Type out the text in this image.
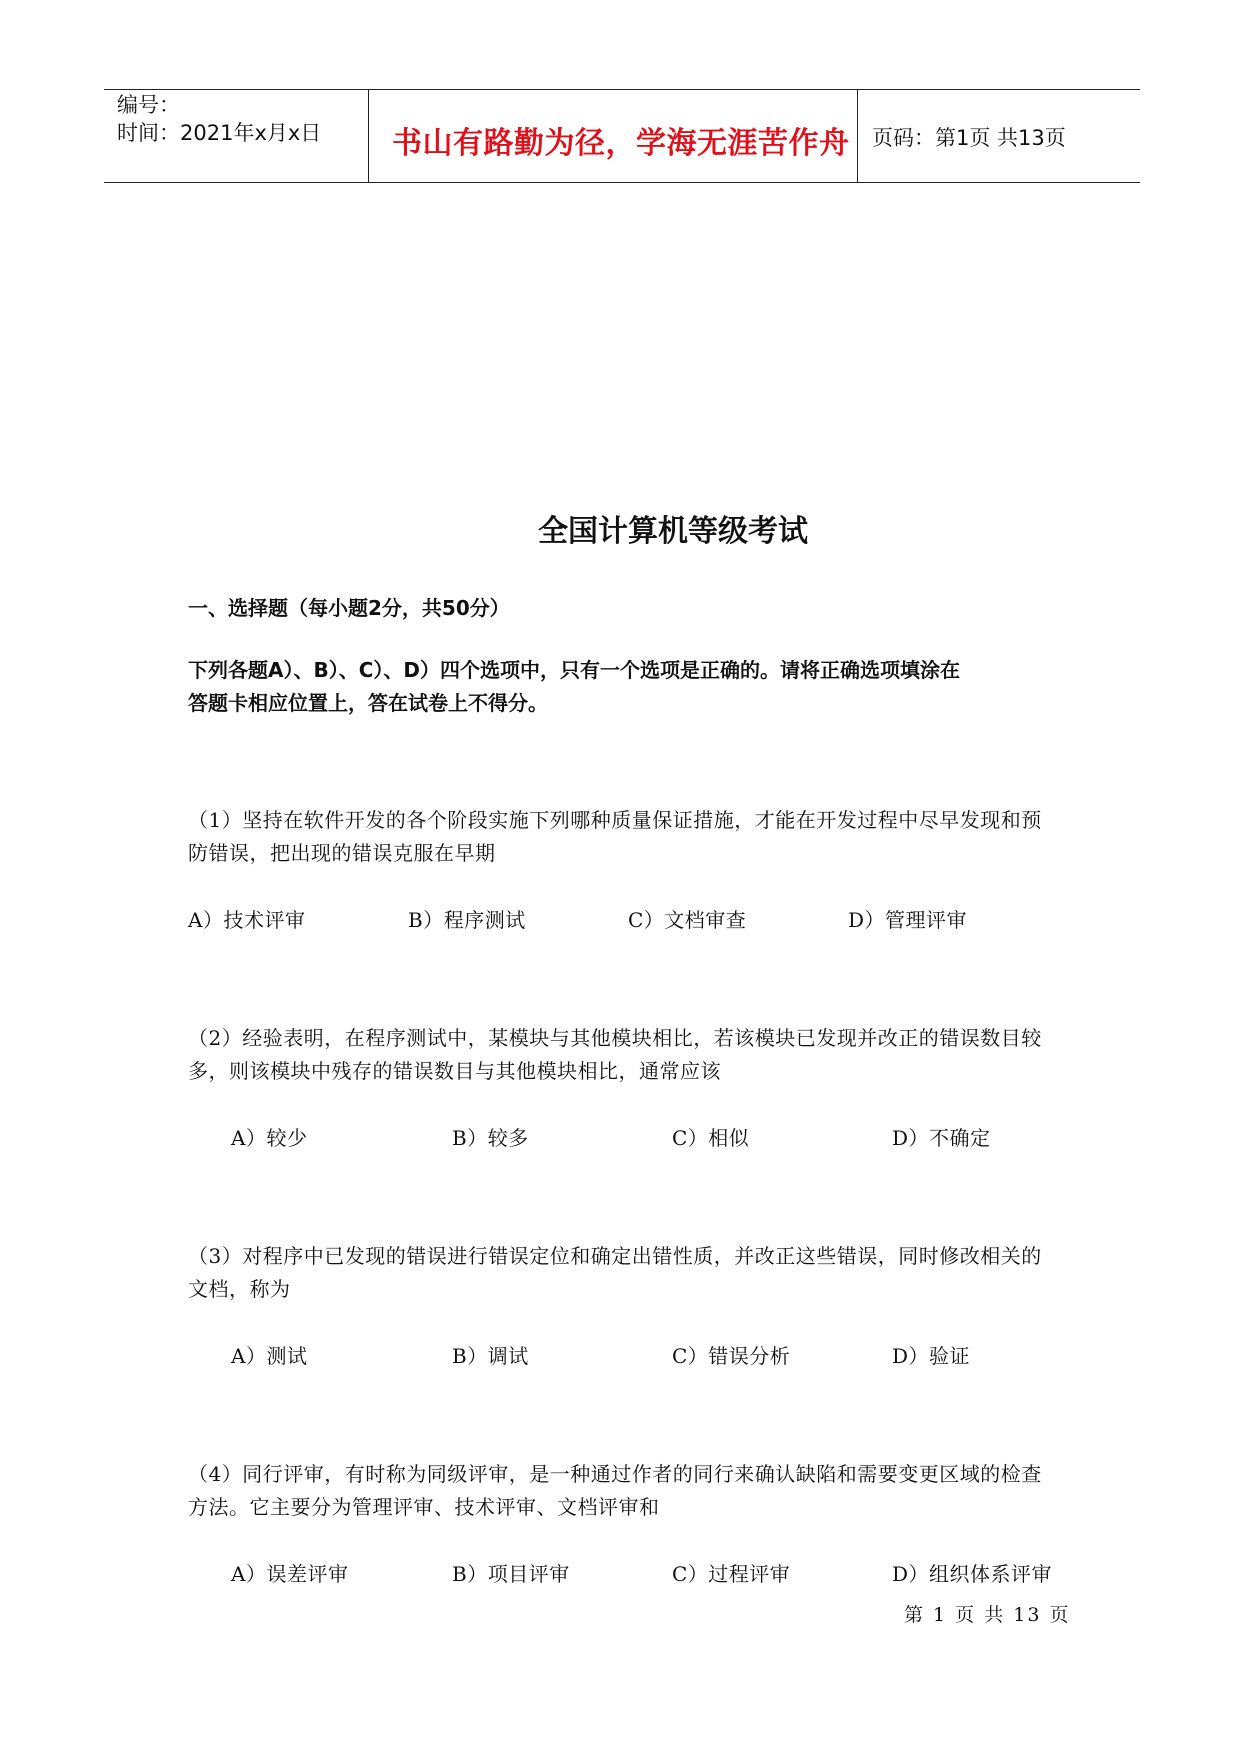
编号：
时间：2021年x月x日 书山有路勤为径，学海无涯苦作舟 页码：第1页 共13页
全国计算机等级考试
一、选择题（每小题2分，共50分）
下列各题A）、B）、C）、D）四个选项中，只有一个选项是正确的。请将正确选项填涂在
答题卡相应位置上，答在试卷上不得分。
（1）坚持在软件开发的各个阶段实施下列哪种质量保证措施，才能在开发过程中尽早发现和预防错误，把出现的错误克服在早期
A）技术评审	B）程序测试	C）文档审查	D）管理评审
（2）经验表明，在程序测试中，某模块与其他模块相比，若该模块已发现并改正的错误数目较多，则该模块中残存的错误数目与其他模块相比，通常应该
A）较少	B）较多	C）相似	D）不确定
（3）对程序中已发现的错误进行错误定位和确定出错性质，并改正这些错误，同时修改相关的文档，称为
A）测试	B）调试	C）错误分析	D）验证
（4）同行评审，有时称为同级评审，是一种通过作者的同行来确认缺陷和需要变更区域的检查方法。它主要分为管理评审、技术评审、文档评审和
A）误差评审	B）项目评审	C）过程评审	D）组织体系评审
第 1 页 共 13 页
